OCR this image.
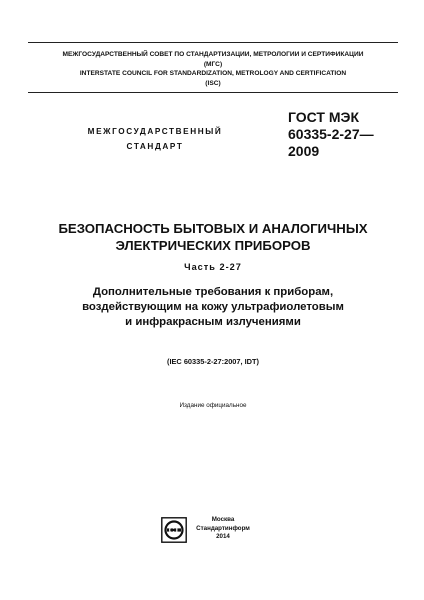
МЕЖГОСУДАРСТВЕННЫЙ СОВЕТ ПО СТАНДАРТИЗАЦИИ, МЕТРОЛОГИИ И СЕРТИФИКАЦИИ
(МГС)
INTERSTATE COUNCIL FOR STANDARDIZATION, METROLOGY AND CERTIFICATION
(ISC)
МЕЖГОСУДАРСТВЕННЫЙ
СТАНДАРТ
ГОСТ МЭК
60335-2-27—
2009
БЕЗОПАСНОСТЬ БЫТОВЫХ И АНАЛОГИЧНЫХ
ЭЛЕКТРИЧЕСКИХ ПРИБОРОВ
Часть 2-27
Дополнительные требования к приборам,
воздействующим на кожу ультрафиолетовым
и инфракрасным излучениями
(IEC 60335-2-27:2007, IDT)
Издание официальное
СТ
Москва
Стандартинформ
2014
